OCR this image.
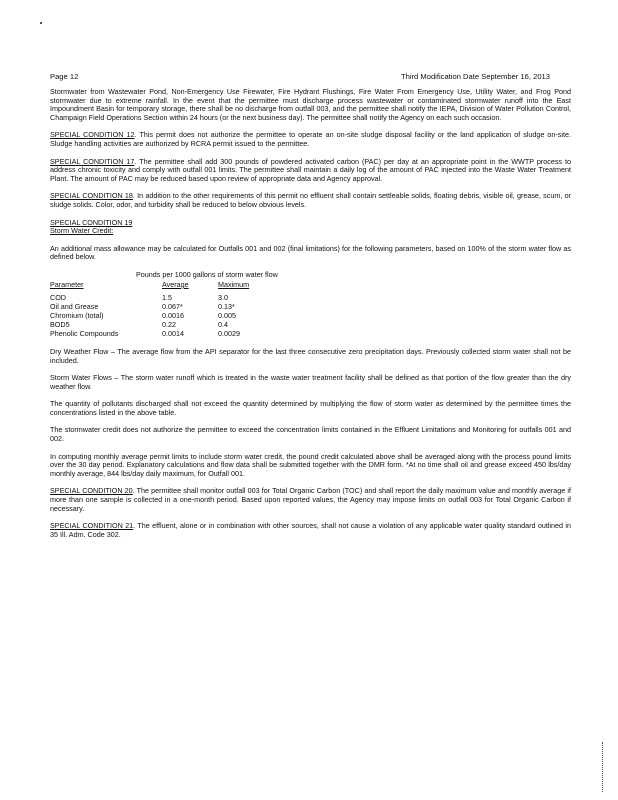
Page 12	Third Modification Date September 16, 2013

Stormwater from Wastewater Pond, Non-Emergency Use Firewater, Fire Hydrant Flushings, Fire Water From Emergency Use, Utility Water, and Frog Pond stormwater due to extreme rainfall. In the event that the permittee must discharge process wastewater or contaminated stormwater runoff into the East Impoundment Basin for temporary storage, there shall be no discharge from outfall 003, and the permittee shall notify the IEPA, Division of Water Pollution Control, Champaign Field Operations Section within 24 hours (or the next business day). The permittee shall notify the Agency on each such occasion.

SPECIAL CONDITION 12. This permit does not authorize the permittee to operate an on-site sludge disposal facility or the land application of sludge on-site. Sludge handling activities are authorized by RCRA permit issued to the permittee.

SPECIAL CONDITION 17. The permittee shall add 300 pounds of powdered activated carbon (PAC) per day at an appropriate point in the WWTP process to address chronic toxicity and comply with outfall 001 limits. The permittee shall maintain a daily log of the amount of PAC injected into the Waste Water Treatment Plant. The amount of PAC may be reduced based upon review of appropriate data and Agency approval.

SPECIAL CONDITION 18. In addition to the other requirements of this permit no effluent shall contain settleable solids, floating debris, visible oil, grease, scum, or sludge solids. Color, odor, and turbidity shall be reduced to below obvious levels.

SPECIAL CONDITION 19
Storm Water Credit:

An additional mass allowance may be calculated for Outfalls 001 and 002 (final limitations) for the following parameters, based on 100% of the storm water flow as defined below.

Pounds per 1000 gallons of storm water flow
Parameter	Average	Maximum
COD	1.5	3.0
Oil and Grease	0.067*	0.13*
Chromium (total)	0.0016	0.005
BOD5	0.22	0.4
Phenolic Compounds	0.0014	0.0029

Dry Weather Flow – The average flow from the API separator for the last three consecutive zero precipitation days. Previously collected storm water shall not be included.

Storm Water Flows – The storm water runoff which is treated in the waste water treatment facility shall be defined as that portion of the flow greater than the dry weather flow.

The quantity of pollutants discharged shall not exceed the quantity determined by multiplying the flow of storm water as determined by the permittee times the concentrations listed in the above table.

The stormwater credit does not authorize the permittee to exceed the concentration limits contained in the Effluent Limitations and Monitoring for outfalls 001 and 002.

In computing monthly average permit limits to include storm water credit, the pound credit calculated above shall be averaged along with the process pound limits over the 30 day period. Explanatory calculations and flow data shall be submitted together with the DMR form. *At no time shall oil and grease exceed 450 lbs/day monthly average, 844 lbs/day daily maximum, for Outfall 001.

SPECIAL CONDITION 20. The permittee shall monitor outfall 003 for Total Organic Carbon (TOC) and shall report the daily maximum value and monthly average if more than one sample is collected in a one-month period. Based upon reported values, the Agency may impose limits on outfall 003 for Total Organic Carbon if necessary.

SPECIAL CONDITION 21. The effluent, alone or in combination with other sources, shall not cause a violation of any applicable water quality standard outlined in 35 Ill. Adm. Code 302.
